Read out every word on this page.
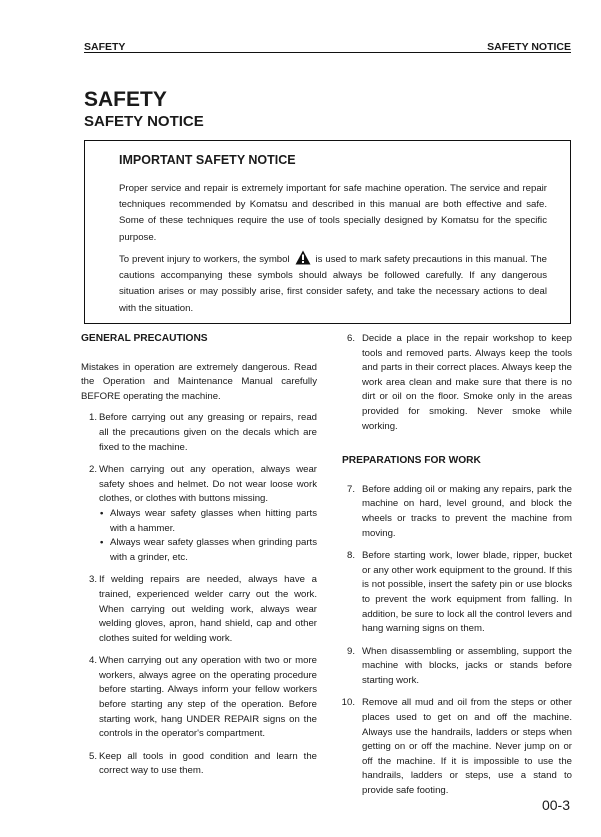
SAFETY	SAFETY NOTICE
SAFETY
SAFETY NOTICE
IMPORTANT SAFETY NOTICE

Proper service and repair is extremely important for safe machine operation. The service and repair techniques recommended by Komatsu and described in this manual are both effective and safe. Some of these techniques require the use of tools specially designed by Komatsu for the specific purpose.

To prevent injury to workers, the symbol	is used to mark safety precautions in this manual. The cautions accompanying these symbols should always be followed carefully. If any dangerous situation arises or may possibly arise, first consider safety, and take the necessary actions to deal with the situation.

GENERAL PRECAUTIONS

Mistakes in operation are extremely dangerous. Read the Operation and Maintenance Manual carefully BEFORE operating the machine.

1. Before carrying out any greasing or repairs, read all the precautions given on the decals which are fixed to the machine.
2. When carrying out any operation, always wear safety shoes and helmet. Do not wear loose work clothes, or clothes with buttons missing.
• Always wear safety glasses when hitting parts with a hammer.
• Always wear safety glasses when grinding parts with a grinder, etc.
3. If welding repairs are needed, always have a trained, experienced welder carry out the work. When carrying out welding work, always wear welding gloves, apron, hand shield, cap and other clothes suited for welding work.
4. When carrying out any operation with two or more workers, always agree on the operating procedure before starting. Always inform your fellow workers before starting any step of the operation. Before starting work, hang UNDER REPAIR signs on the controls in the operator's compartment.
5. Keep all tools in good condition and learn the correct way to use them.
6. Decide a place in the repair workshop to keep tools and removed parts. Always keep the tools and parts in their correct places. Always keep the work area clean and make sure that there is no dirt or oil on the floor. Smoke only in the areas provided for smoking. Never smoke while working.
PREPARATIONS FOR WORK
7. Before adding oil or making any repairs, park the machine on hard, level ground, and block the wheels or tracks to prevent the machine from moving.
8. Before starting work, lower blade, ripper, bucket or any other work equipment to the ground. If this is not possible, insert the safety pin or use blocks to prevent the work equipment from falling. In addition, be sure to lock all the control levers and hang warning signs on them.
9. When disassembling or assembling, support the machine with blocks, jacks or stands before starting work.
10. Remove all mud and oil from the steps or other places used to get on and off the machine. Always use the handrails, ladders or steps when getting on or off the machine. Never jump on or off the machine. If it is impossible to use the handrails, ladders or steps, use a stand to provide safe footing.
00-3
